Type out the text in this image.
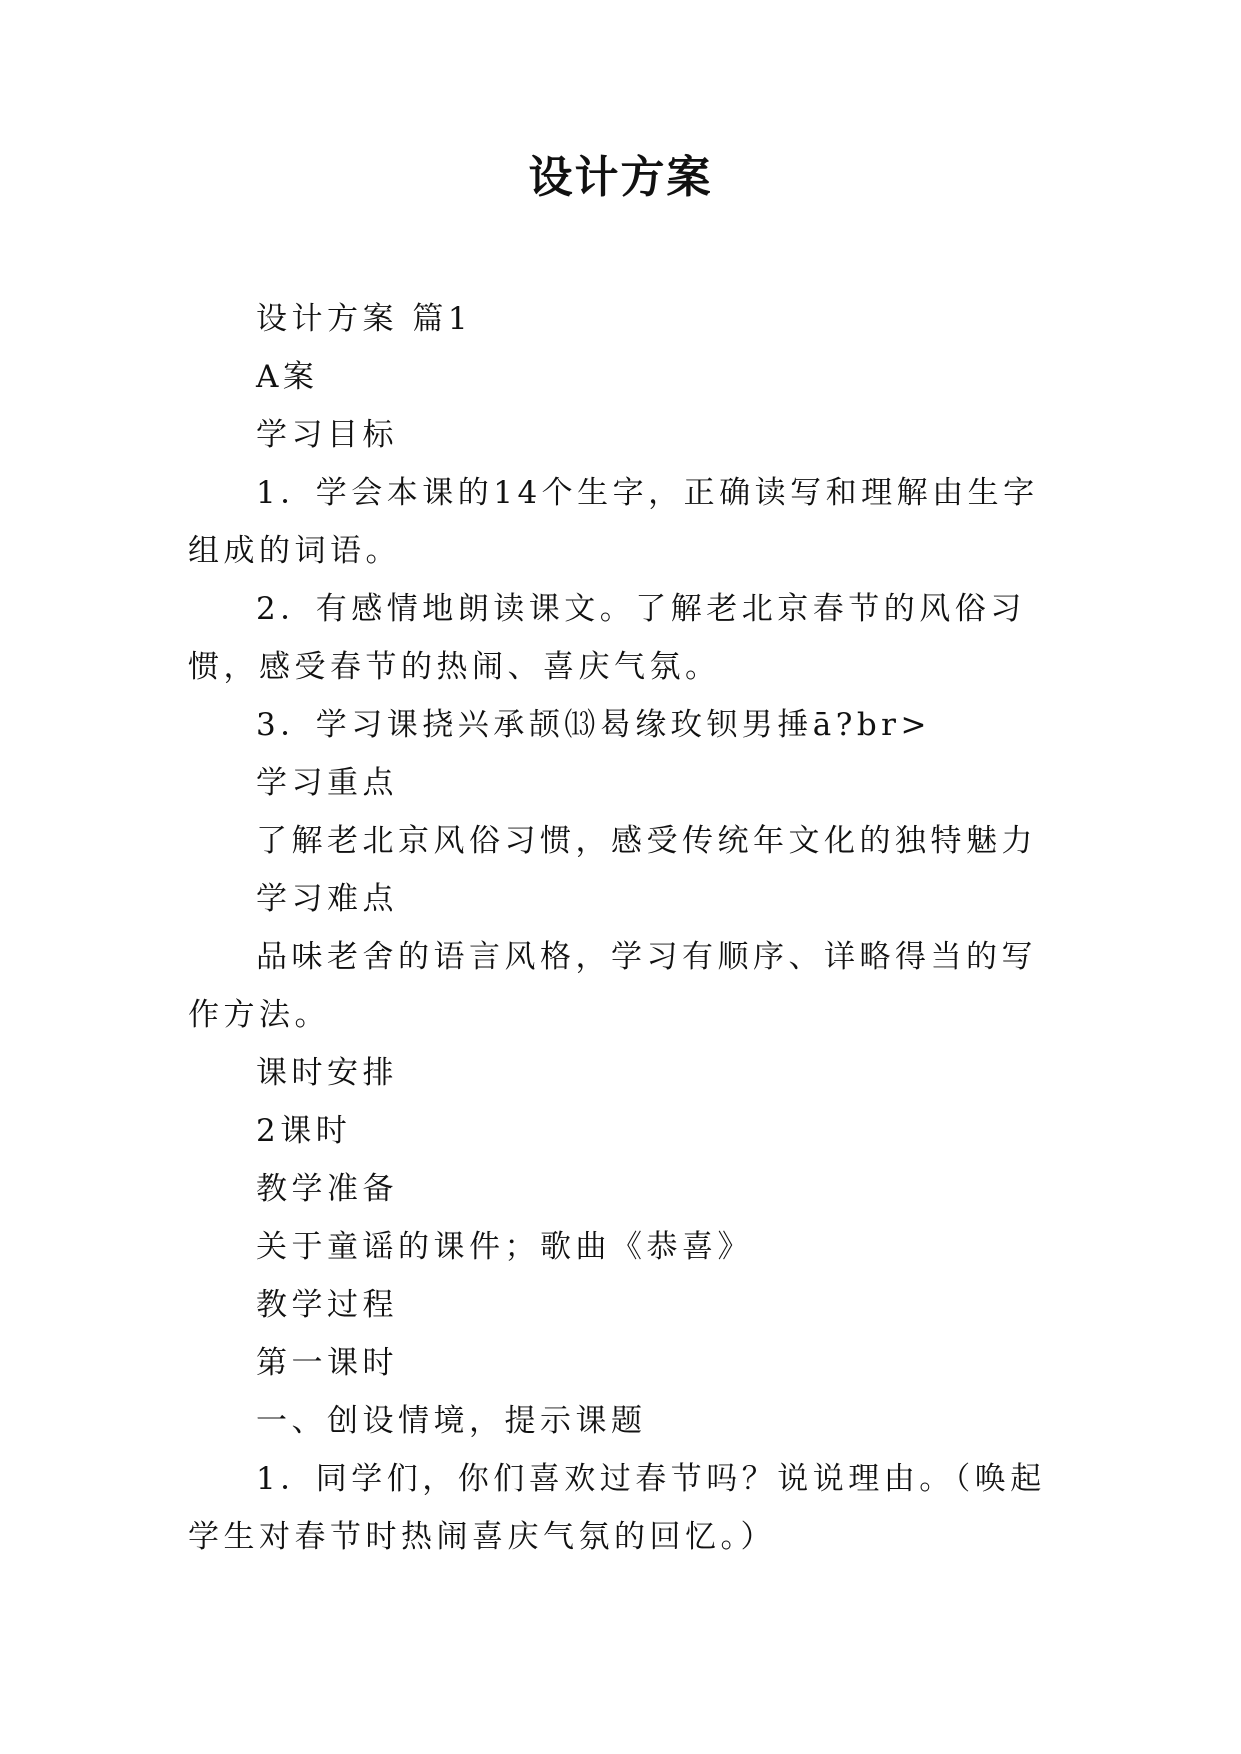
设计方案

设计方案 篇1

A案

学习目标

1．学会本课的14个生字，正确读写和理解由生字组成的词语。

2．有感情地朗读课文。了解老北京春节的风俗习惯，感受春节的热闹、喜庆气氛。

3．学习课挠兴承颉⒀曷缘玫钡男捶ā?br>

学习重点

了解老北京风俗习惯，感受传统年文化的独特魅力

学习难点

品味老舍的语言风格，学习有顺序、详略得当的写作方法。

课时安排

2课时

教学准备

关于童谣的课件；歌曲《恭喜》

教学过程

第一课时

一、创设情境，提示课题

1．同学们，你们喜欢过春节吗？说说理由。（唤起学生对春节时热闹喜庆气氛的回忆。）
